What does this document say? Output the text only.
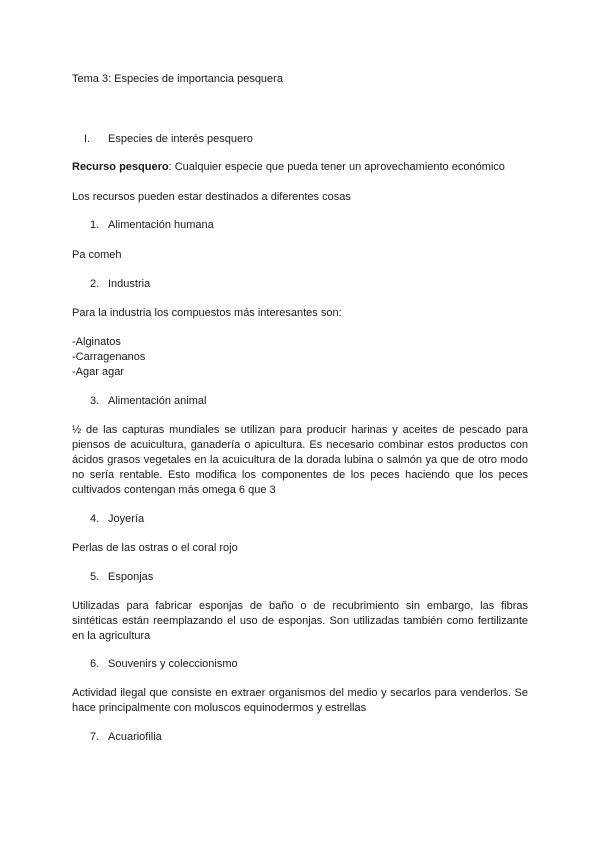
Tema 3: Especies de importancia pesquera
I. Especies de interés pesquero
Recurso pesquero: Cualquier especie que pueda tener un aprovechamiento económico
Los recursos pueden estar destinados a diferentes cosas
1. Alimentación humana
Pa comeh
2. Industria
Para la industria los compuestos más interesantes son:
-Alginatos
-Carragenanos
-Agar agar
3. Alimentación animal
½ de las capturas mundiales se utilizan para producir harinas y aceites de pescado para piensos de acuicultura, ganadería o apicultura. Es necesario combinar estos productos con ácidos grasos vegetales en la acuicultura de la dorada lubina o salmón ya que de otro modo no sería rentable. Esto modifica los componentes de los peces haciendo que los peces cultivados contengan más omega 6 que 3
4. Joyería
Perlas de las ostras o el coral rojo
5. Esponjas
Utilizadas para fabricar esponjas de baño o de recubrimiento sin embargo, las fibras sintéticas están reemplazando el uso de esponjas. Son utilizadas también como fertilizante en la agricultura
6. Souvenirs y coleccionismo
Actividad ilegal que consiste en extraer organismos del medio y secarlos para venderlos. Se hace principalmente con moluscos equinodermos y estrellas
7. Acuariofilia
